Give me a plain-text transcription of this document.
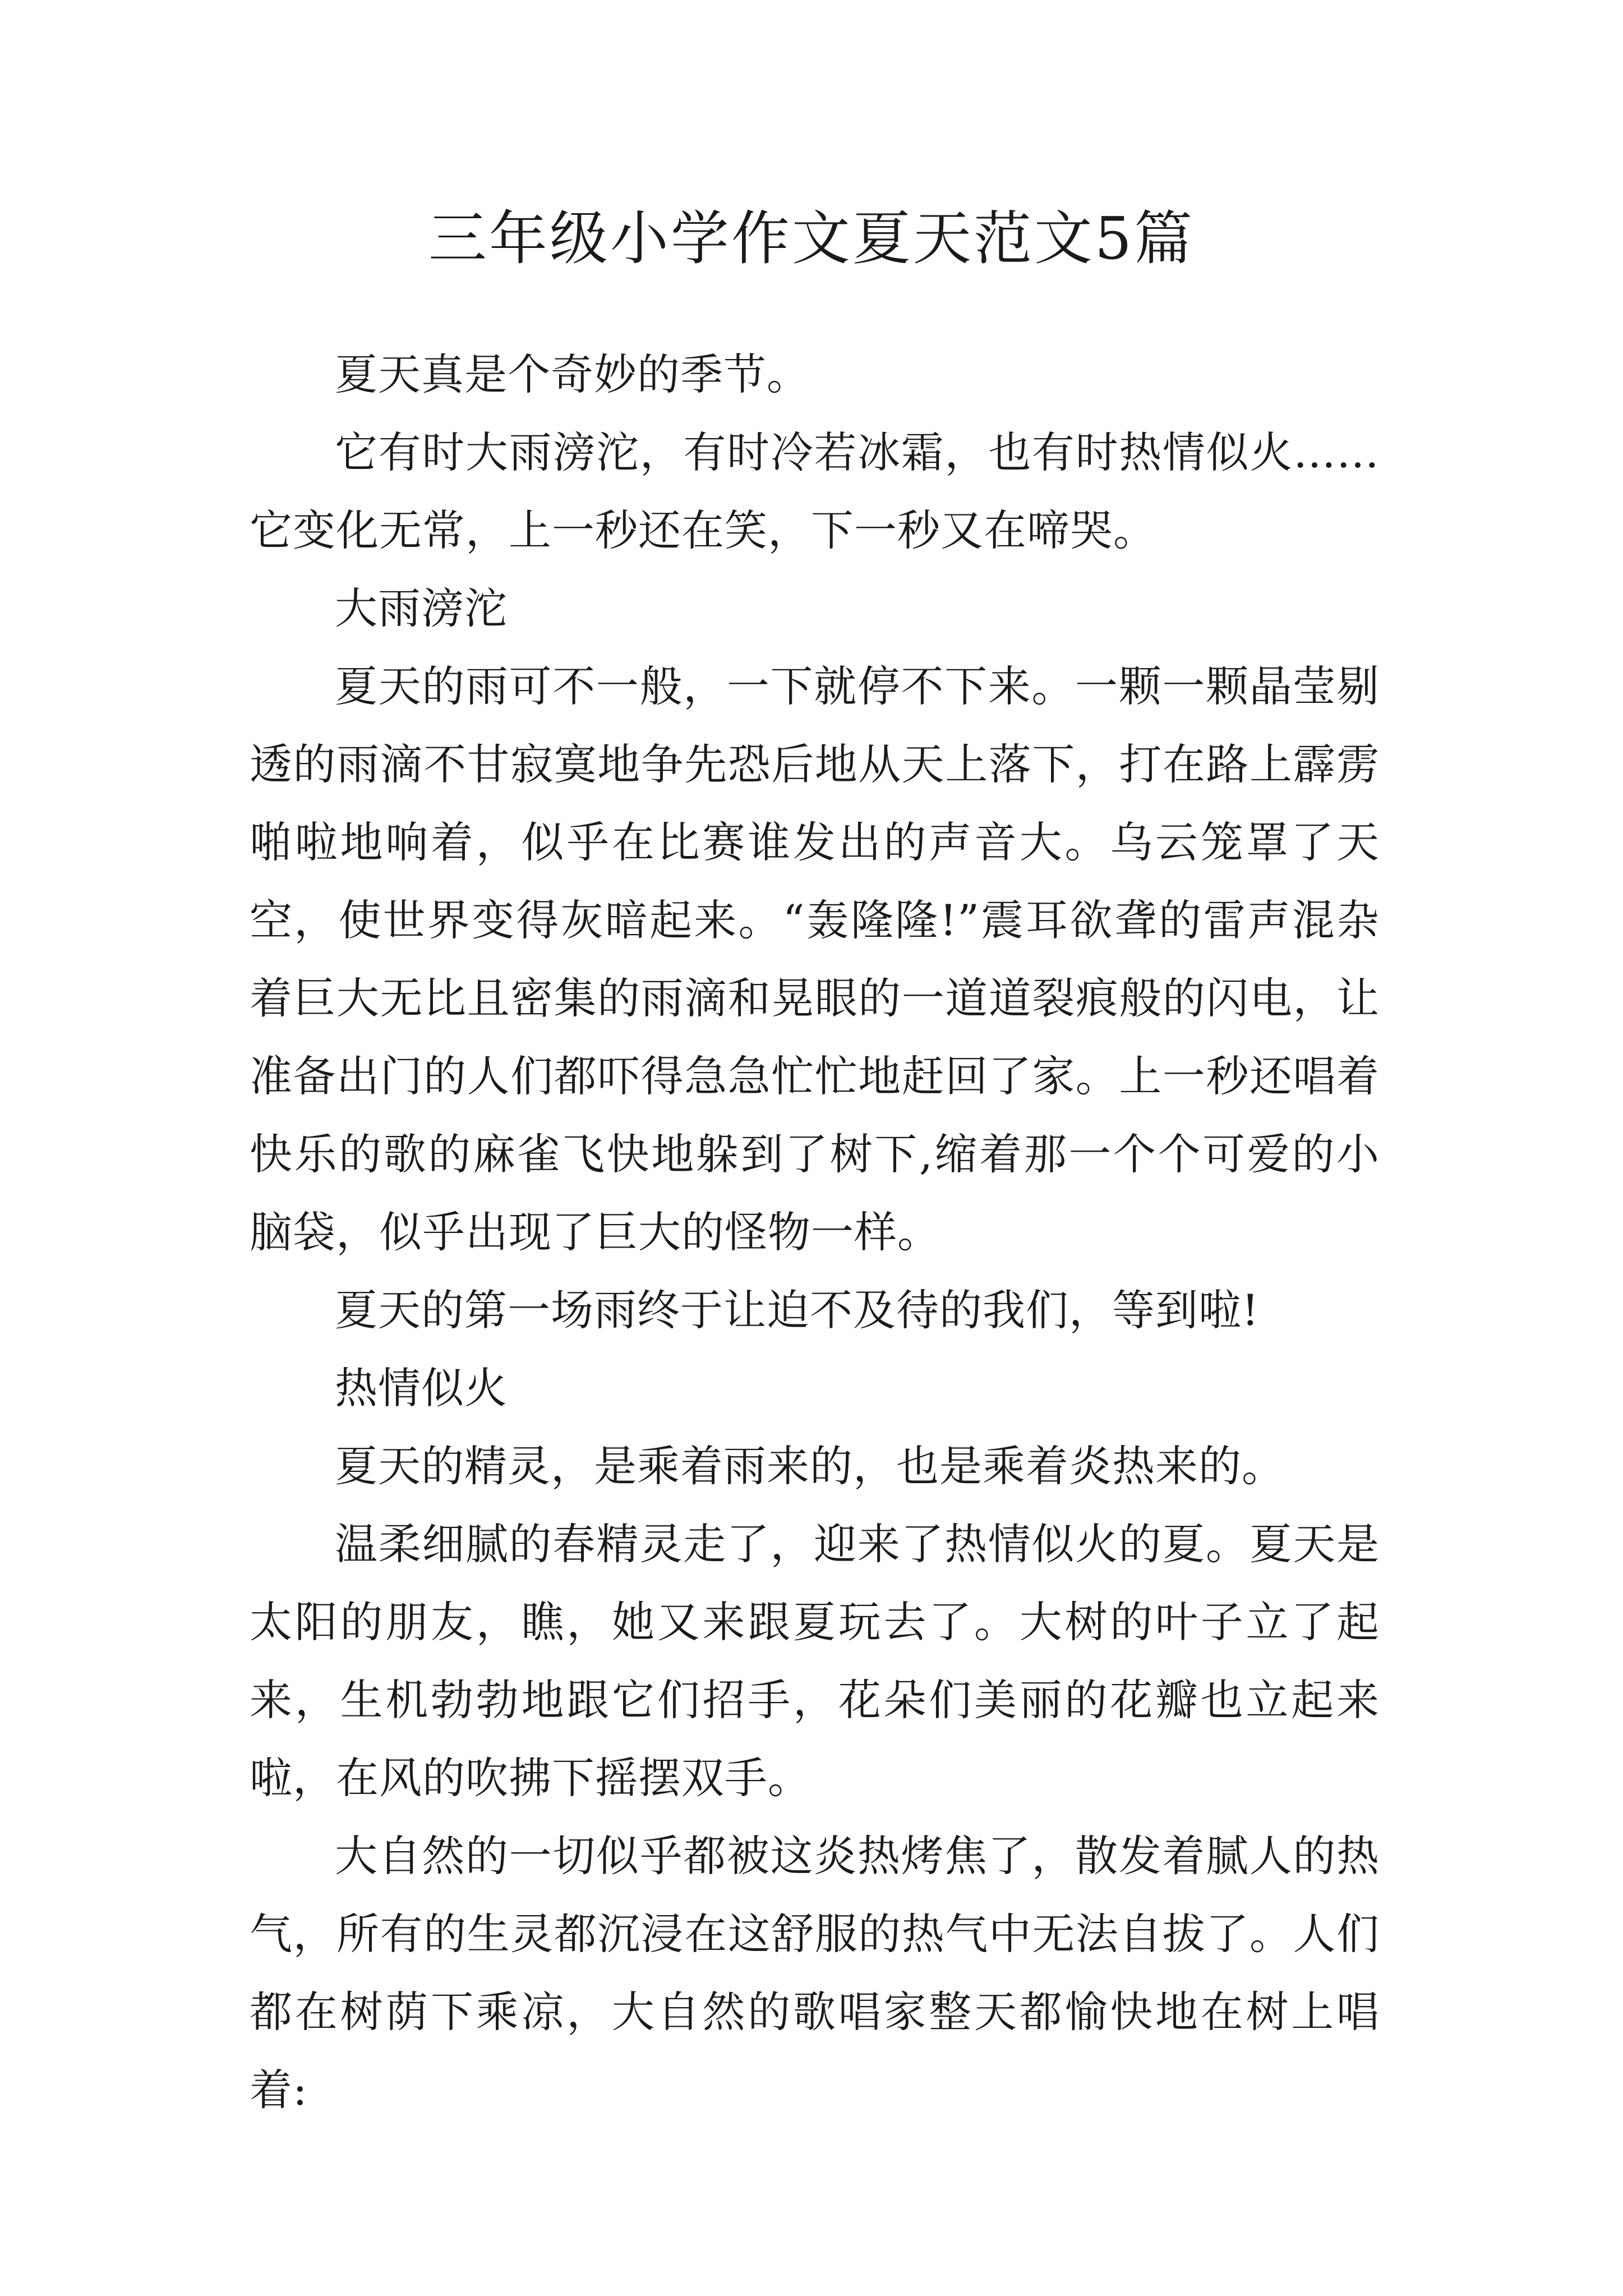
三年级小学作文夏天范文5篇

夏天真是个奇妙的季节。

它有时大雨滂沱，有时冷若冰霜，也有时热情似火……它变化无常，上一秒还在笑，下一秒又在啼哭。

大雨滂沱

夏天的雨可不一般，一下就停不下来。一颗一颗晶莹剔透的雨滴不甘寂寞地争先恐后地从天上落下，打在路上霹雳啪啦地响着，似乎在比赛谁发出的声音大。乌云笼罩了天空，使世界变得灰暗起来。“轰隆隆!”震耳欲聋的雷声混杂着巨大无比且密集的雨滴和晃眼的一道道裂痕般的闪电，让准备出门的人们都吓得急急忙忙地赶回了家。上一秒还唱着快乐的歌的麻雀飞快地躲到了树下,缩着那一个个可爱的小脑袋，似乎出现了巨大的怪物一样。

夏天的第一场雨终于让迫不及待的我们，等到啦!

热情似火

夏天的精灵，是乘着雨来的，也是乘着炎热来的。

温柔细腻的春精灵走了，迎来了热情似火的夏。夏天是太阳的朋友，瞧，她又来跟夏玩去了。大树的叶子立了起来，生机勃勃地跟它们招手，花朵们美丽的花瓣也立起来啦，在风的吹拂下摇摆双手。

大自然的一切似乎都被这炎热烤焦了，散发着腻人的热气，所有的生灵都沉浸在这舒服的热气中无法自拔了。人们都在树荫下乘凉，大自然的歌唱家整天都愉快地在树上唱着:
